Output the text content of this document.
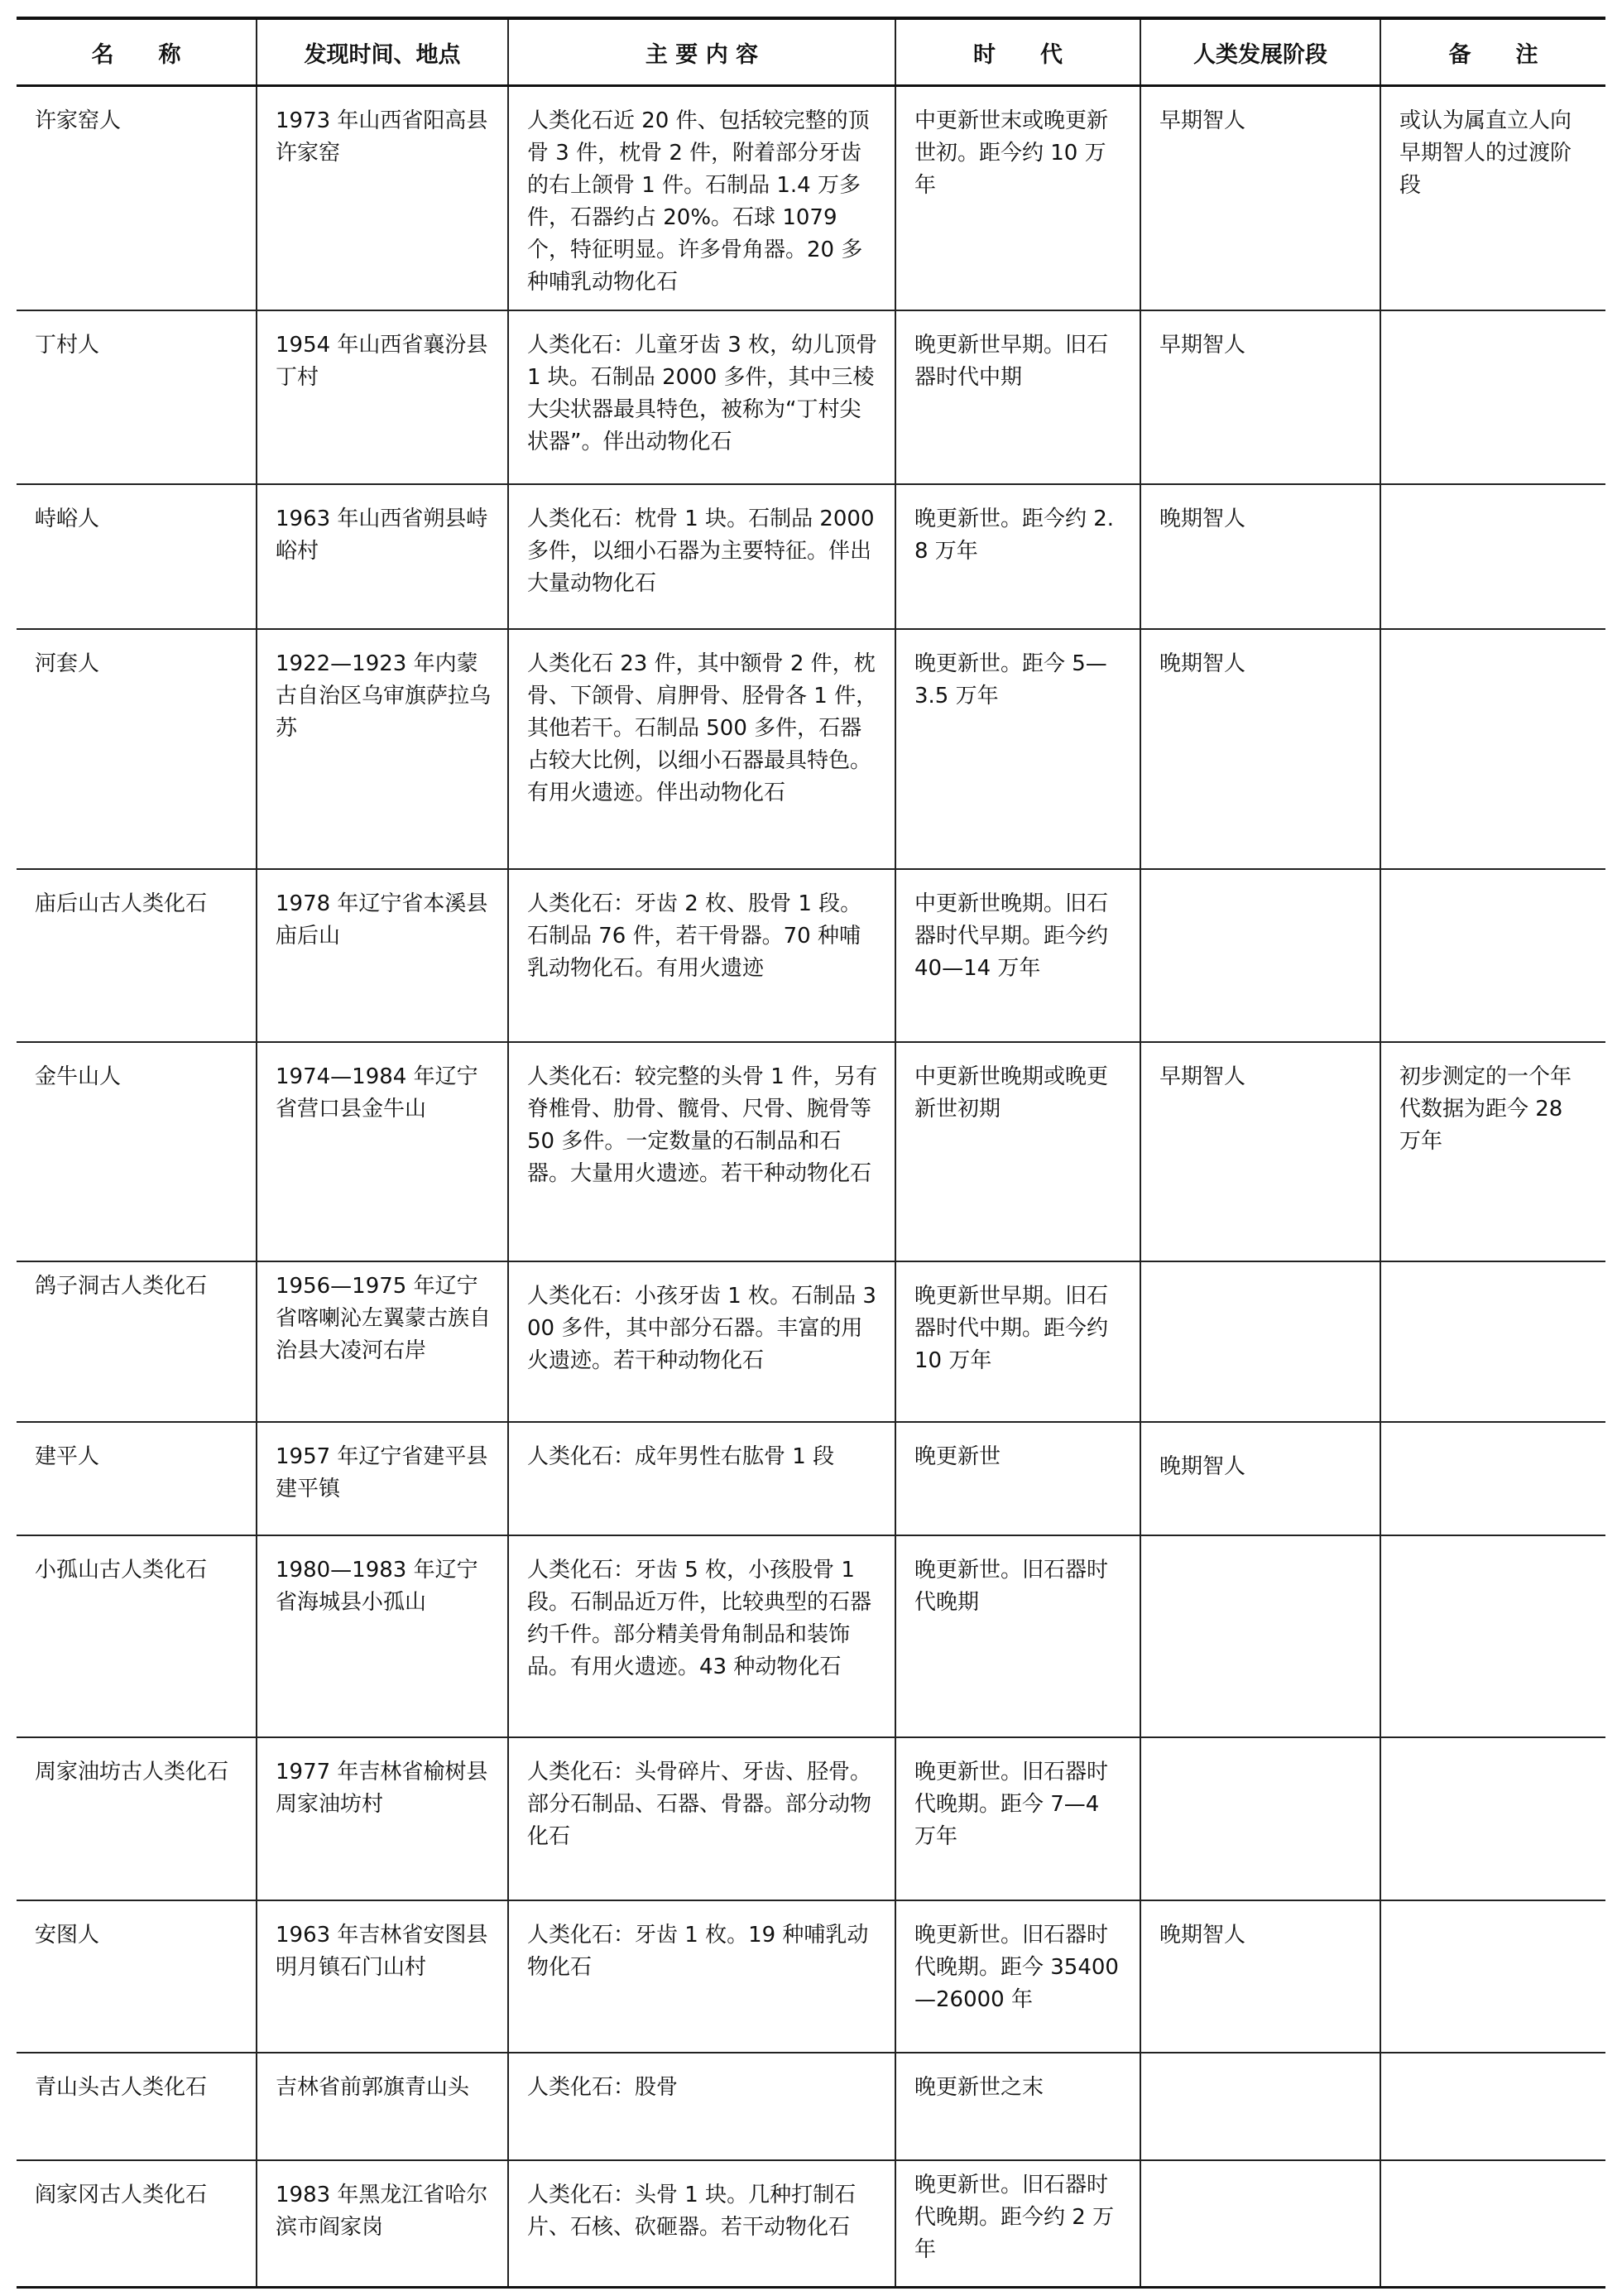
名　　称	发现时间、地点	主 要 内 容	时　　代	人类发展阶段	备　　注
许家窑人	1973 年山西省阳高县许家窑	人类化石近 20 件、包括较完整的顶骨 3 件，枕骨 2 件，附着部分牙齿的右上颌骨 1 件。石制品 1.4 万多件，石器约占 20%。石球 1079 个，特征明显。许多骨角器。20 多种哺乳动物化石	中更新世末或晚更新世初。距今约 10 万年	早期智人	或认为属直立人向早期智人的过渡阶段
丁村人	1954 年山西省襄汾县丁村	人类化石：儿童牙齿 3 枚，幼儿顶骨 1 块。石制品 2000 多件，其中三棱大尖状器最具特色，被称为“丁村尖状器”。伴出动物化石	晚更新世早期。旧石器时代中期	早期智人	
峙峪人	1963 年山西省朔县峙峪村	人类化石：枕骨 1 块。石制品 2000 多件，以细小石器为主要特征。伴出大量动物化石	晚更新世。距今约 2.8 万年	晚期智人	
河套人	1922—1923 年内蒙古自治区乌审旗萨拉乌苏	人类化石 23 件，其中额骨 2 件，枕骨、下颌骨、肩胛骨、胫骨各 1 件，其他若干。石制品 500 多件，石器占较大比例，以细小石器最具特色。有用火遗迹。伴出动物化石	晚更新世。距今 5—3.5 万年	晚期智人	
庙后山古人类化石	1978 年辽宁省本溪县庙后山	人类化石：牙齿 2 枚、股骨 1 段。石制品 76 件，若干骨器。70 种哺乳动物化石。有用火遗迹	中更新世晚期。旧石器时代早期。距今约 40—14 万年		
金牛山人	1974—1984 年辽宁省营口县金牛山	人类化石：较完整的头骨 1 件，另有脊椎骨、肋骨、髋骨、尺骨、腕骨等 50 多件。一定数量的石制品和石器。大量用火遗迹。若干种动物化石	中更新世晚期或晚更新世初期	早期智人	初步测定的一个年代数据为距今 28 万年
鸽子洞古人类化石	1956—1975 年辽宁省喀喇沁左翼蒙古族自治县大凌河右岸	人类化石：小孩牙齿 1 枚。石制品 300 多件，其中部分石器。丰富的用火遗迹。若干种动物化石	晚更新世早期。旧石器时代中期。距今约 10 万年		
建平人	1957 年辽宁省建平县建平镇	人类化石：成年男性右肱骨 1 段	晚更新世	晚期智人	
小孤山古人类化石	1980—1983 年辽宁省海城县小孤山	人类化石：牙齿 5 枚，小孩股骨 1 段。石制品近万件，比较典型的石器约千件。部分精美骨角制品和装饰品。有用火遗迹。43 种动物化石	晚更新世。旧石器时代晚期		
周家油坊古人类化石	1977 年吉林省榆树县周家油坊村	人类化石：头骨碎片、牙齿、胫骨。部分石制品、石器、骨器。部分动物化石	晚更新世。旧石器时代晚期。距今 7—4 万年		
安图人	1963 年吉林省安图县明月镇石门山村	人类化石：牙齿 1 枚。19 种哺乳动物化石	晚更新世。旧石器时代晚期。距今 35400—26000 年	晚期智人	
青山头古人类化石	吉林省前郭旗青山头	人类化石：股骨	晚更新世之末		
阎家冈古人类化石	1983 年黑龙江省哈尔滨市阎家岗	人类化石：头骨 1 块。几种打制石片、石核、砍砸器。若干动物化石	晚更新世。旧石器时代晚期。距今约 2 万年		
